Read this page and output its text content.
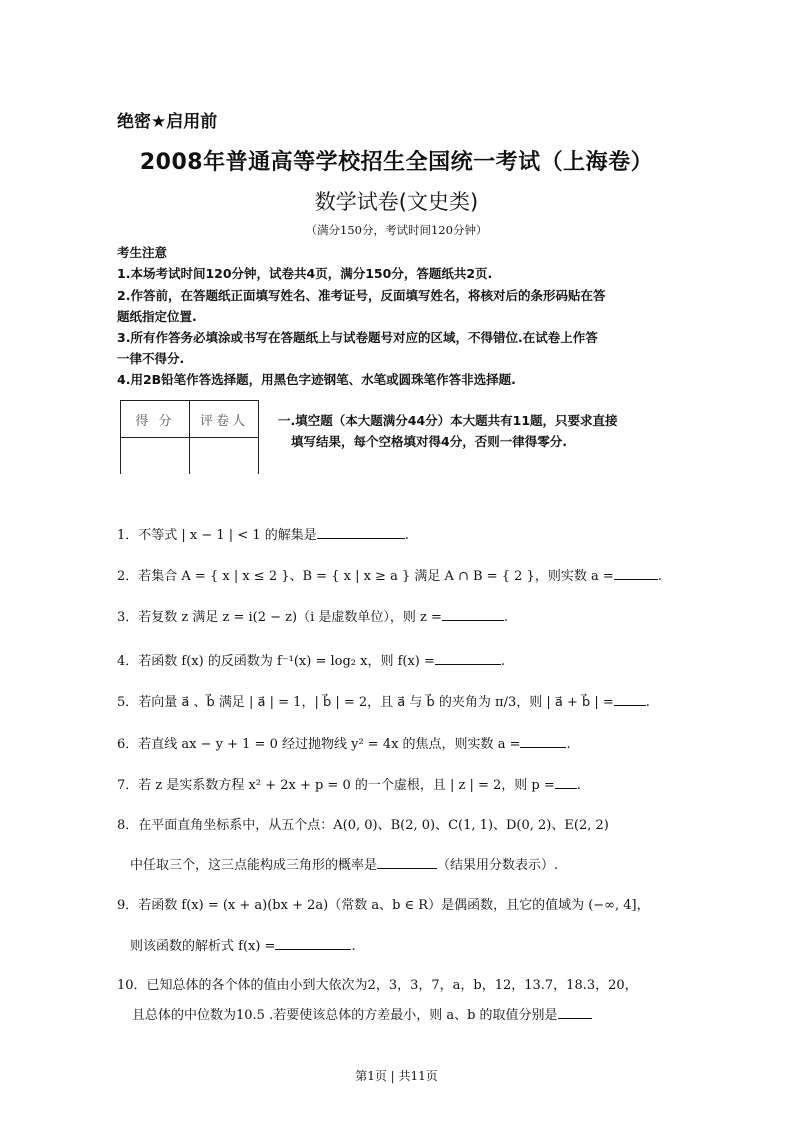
绝密★启用前
2008年普通高等学校招生全国统一考试（上海卷）
数学试卷(文史类)
（满分150分，考试时间120分钟）
考生注意
1.本场考试时间120分钟，试卷共4页，满分150分，答题纸共2页.
2.作答前，在答题纸正面填写姓名、准考证号，反面填写姓名，将核对后的条形码贴在答
题纸指定位置.
3.所有作答务必填涂或书写在答题纸上与试卷题号对应的区域，不得错位.在试卷上作答
一律不得分.
4.用2B铅笔作答选择题，用黑色字迹钢笔、水笔或圆珠笔作答非选择题.
得 分	评卷人
	一.填空题（本大题满分44分）本大题共有11题，只要求直接
填写结果，每个空格填对得4分，否则一律得零分.
1．不等式 | x − 1 | < 1 的解集是	.
2．若集合 A = { x | x ≤ 2 }、B = { x | x ≥ a } 满足 A ∩ B = { 2 }，则实数 a =	.
3．若复数 z 满足 z = i(2 − z)（i 是虚数单位），则 z =	.
4．若函数 f(x) 的反函数为 f⁻¹(x) = log₂ x，则 f(x) =	.
5．若向量 a⃗ 、b⃗ 满足 | a⃗ | = 1，| b⃗ | = 2，且 a⃗ 与 b⃗ 的夹角为 π/3，则 | a⃗ + b⃗ | = .
6．若直线 ax − y + 1 = 0 经过抛物线 y² = 4x 的焦点，则实数 a =	.
7．若 z 是实系数方程 x² + 2x + p = 0 的一个虚根，且 | z | = 2，则 p = .
8．在平面直角坐标系中，从五个点：A(0, 0)、B(2, 0)、C(1, 1)、D(0, 2)、E(2, 2)
中任取三个，这三点能构成三角形的概率是	（结果用分数表示）.
9．若函数 f(x) = (x + a)(bx + 2a)（常数 a、b ∈ R）是偶函数，且它的值域为 (−∞, 4]，
则该函数的解析式 f(x) =	.
10．已知总体的各个体的值由小到大依次为2，3，3，7，a，b，12，13.7，18.3，20，
且总体的中位数为10.5 .若要使该总体的方差最小，则 a、b 的取值分别是
第1页 | 共11页
